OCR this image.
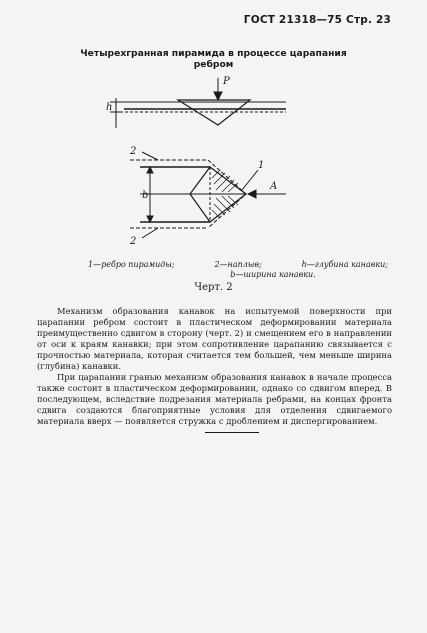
ГОСТ 21318—75 Стр. 23
Четырехгранная пирамида в процессе царапания
ребром
P
h
b
A
1
2
2
1—ребро пирамиды;	2—наплыв;	h—глубина канавки;
b—ширина канавки.
Черт. 2

Механизм образования канавок на испытуемой поверхности при царапании ребром состоит в пластическом деформировании материала преимущественно сдвигом в сторону (черт. 2) и смещением его в направлении от оси к краям канавки; при этом сопротивление царапанию связывается с прочностью материала, которая считается тем большей, чем меньше ширина (глубина) канавки.

При царапании гранью механизм образования канавок в начале процесса также состоит в пластическом деформировании, однако со сдвигом вперед. В последующем, вследствие подрезания материала ребрами, на концах фронта сдвига создаются благоприятные условия для отделения сдвигаемого материала вверх — появляется стружка с дроблением и диспергированием.
